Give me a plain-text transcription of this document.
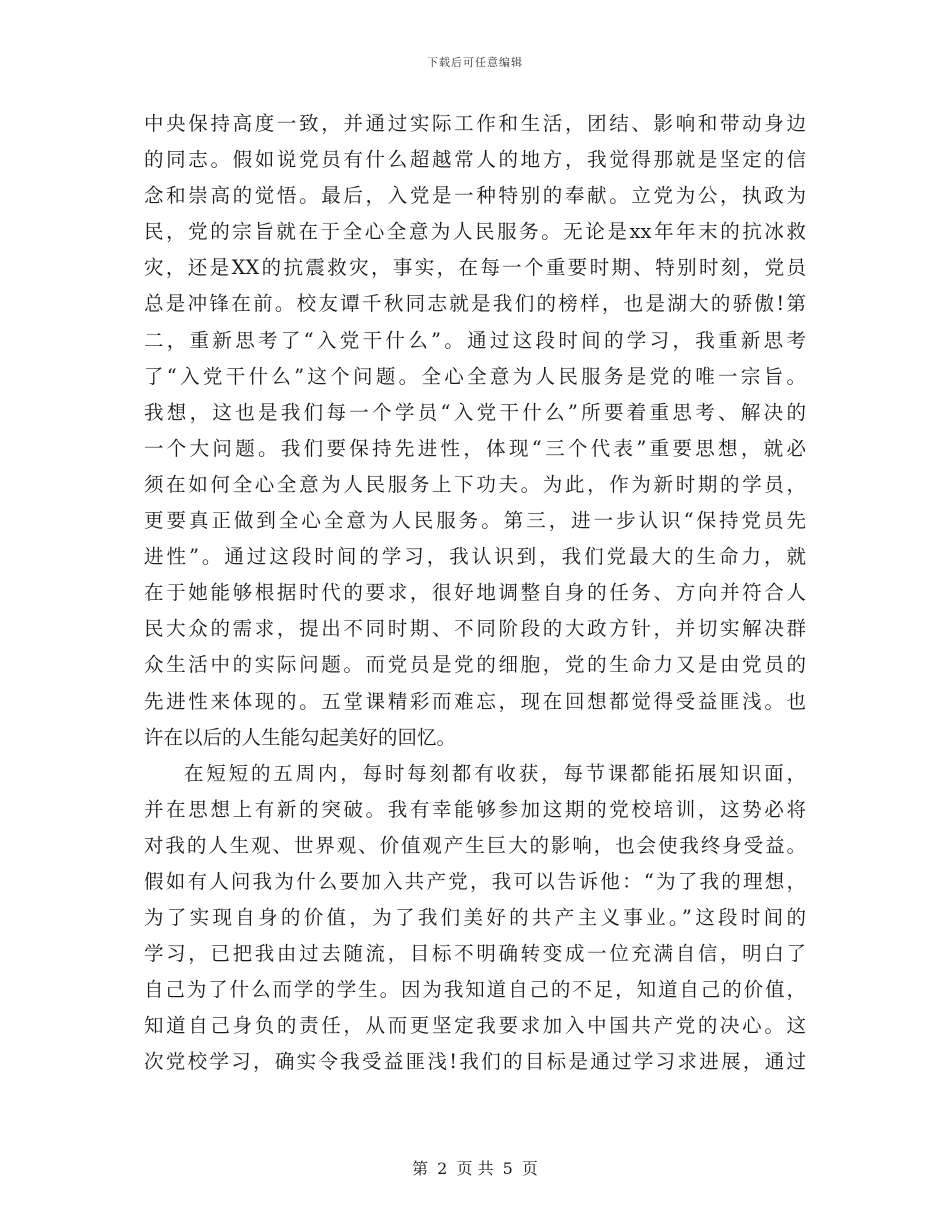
下载后可任意编辑
中央保持高度一致，并通过实际工作和生活，团结、影响和带动身边
的同志。假如说党员有什么超越常人的地方，我觉得那就是坚定的信
念和崇高的觉悟。最后，入党是一种特别的奉献。立党为公，执政为
民，党的宗旨就在于全心全意为人民服务。无论是xx年年末的抗冰救
灾，还是XX的抗震救灾，事实，在每一个重要时期、特别时刻，党员
总是冲锋在前。校友谭千秋同志就是我们的榜样，也是湖大的骄傲!第
二，重新思考了“入党干什么”。通过这段时间的学习，我重新思考
了“入党干什么”这个问题。全心全意为人民服务是党的唯一宗旨。
我想，这也是我们每一个学员“入党干什么”所要着重思考、解决的
一个大问题。我们要保持先进性，体现“三个代表”重要思想，就必
须在如何全心全意为人民服务上下功夫。为此，作为新时期的学员，
更要真正做到全心全意为人民服务。第三，进一步认识“保持党员先
进性”。通过这段时间的学习，我认识到，我们党最大的生命力，就
在于她能够根据时代的要求，很好地调整自身的任务、方向并符合人
民大众的需求，提出不同时期、不同阶段的大政方针，并切实解决群
众生活中的实际问题。而党员是党的细胞，党的生命力又是由党员的
先进性来体现的。五堂课精彩而难忘，现在回想都觉得受益匪浅。也
许在以后的人生能勾起美好的回忆。
在短短的五周内，每时每刻都有收获，每节课都能拓展知识面，
并在思想上有新的突破。我有幸能够参加这期的党校培训，这势必将
对我的人生观、世界观、价值观产生巨大的影响，也会使我终身受益。
假如有人问我为什么要加入共产党，我可以告诉他：“为了我的理想，
为了实现自身的价值，为了我们美好的共产主义事业。”这段时间的
学习，已把我由过去随流，目标不明确转变成一位充满自信，明白了
自己为了什么而学的学生。因为我知道自己的不足，知道自己的价值，
知道自己身负的责任，从而更坚定我要求加入中国共产党的决心。这
次党校学习，确实令我受益匪浅!我们的目标是通过学习求进展，通过
第 2 页 共 5 页
